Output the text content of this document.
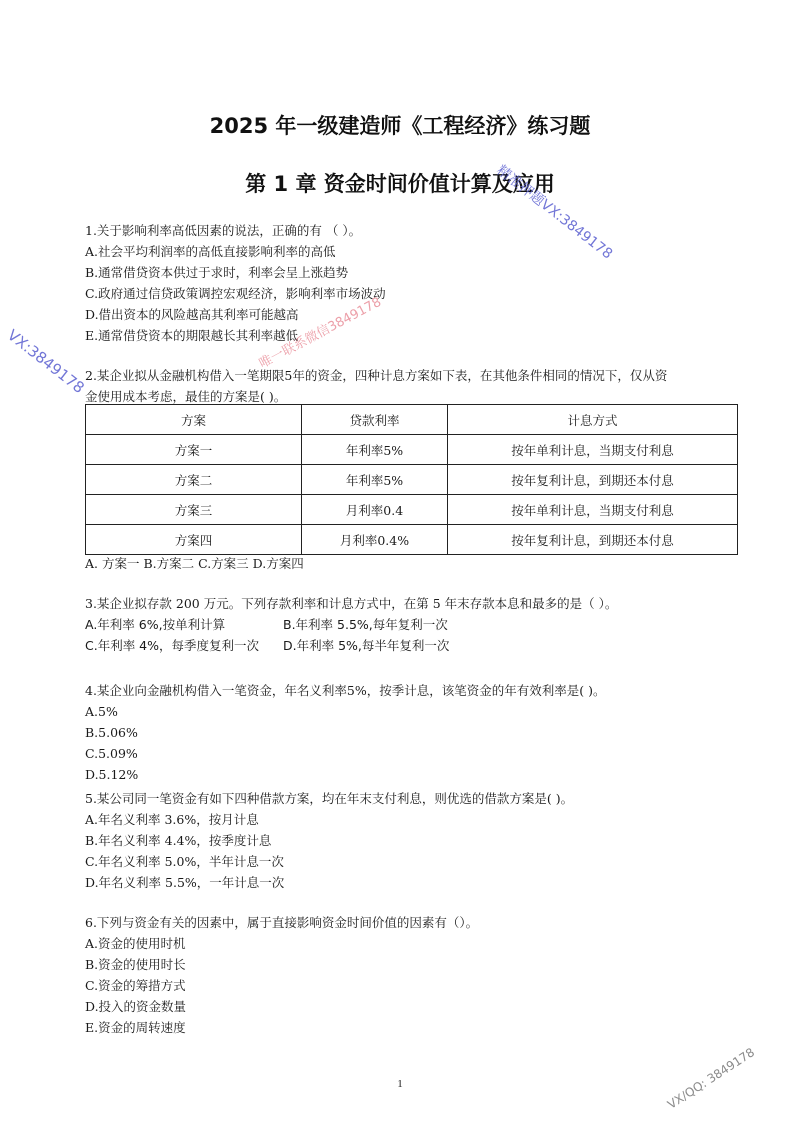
2025 年一级建造师《工程经济》练习题
第 1 章 资金时间价值计算及应用
1.关于影响利率高低因素的说法，正确的有 （ ）。
A.社会平均利润率的高低直接影响利率的高低
B.通常借贷资本供过于求时，利率会呈上涨趋势
C.政府通过信贷政策调控宏观经济，影响利率市场波动
D.借出资本的风险越高其利率可能越高
E.通常借贷资本的期限越长其利率越低
2.某企业拟从金融机构借入一笔期限5年的资金，四种计息方案如下表，在其他条件相同的情况下，仅从资
金使用成本考虑，最佳的方案是( )。
方案	贷款利率	计息方式
方案一	年利率5%	按年单利计息，当期支付利息
方案二	年利率5%	按年复利计息，到期还本付息
方案三	月利率0.4	按年单利计息，当期支付利息
方案四	月利率0.4%	按年复利计息，到期还本付息
A. 方案一 B.方案二 C.方案三 D.方案四
3.某企业拟存款 200 万元。下列存款利率和计息方式中，在第 5 年末存款本息和最多的是（ ）。
A.年利率 6%,按单利计算	B.年利率 5.5%,每年复利一次
C.年利率 4%，每季度复利一次 D.年利率 5%,每半年复利一次
4.某企业向金融机构借入一笔资金，年名义利率5%，按季计息，该笔资金的年有效利率是( )。
A.5%
B.5.06%
C.5.09%
D.5.12%
5.某公司同一笔资金有如下四种借款方案，均在年末支付利息，则优选的借款方案是( )。
A.年名义利率 3.6%，按月计息
B.年名义利率 4.4%，按季度计息
C.年名义利率 5.0%，半年计息一次
D.年名义利率 5.5%，一年计息一次
6.下列与资金有关的因素中，属于直接影响资金时间价值的因素有（）。
A.资金的使用时机
B.资金的使用时长
C.资金的筹措方式
D.投入的资金数量
E.资金的周转速度
1
精准押题VX:3849178
VX:3849178	唯一联系微信3849178
VX/QQ: 3849178
